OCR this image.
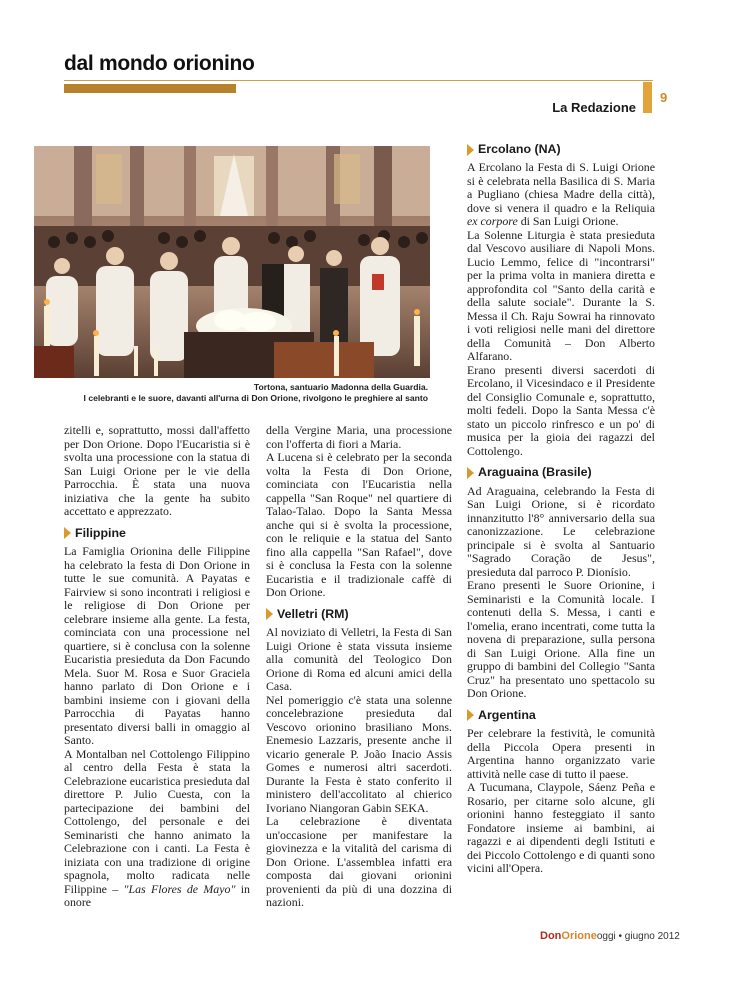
dal mondo orionino
9
La Redazione
Tortona, santuario Madonna della Guardia.
I celebranti e le suore, davanti all'urna di Don Orione, rivolgono le preghiere al santo

zitelli e, soprattutto, mossi dall'affetto per Don Orione. Dopo l'Eucaristia si è svolta una processione con la statua di San Luigi Orione per le vie della Parrocchia. È stata una nuova iniziativa che la gente ha subito accettato e apprezzato.

Filippine

La Famiglia Orionina delle Filippine ha celebrato la festa di Don Orione in tutte le sue comunità. A Payatas e Fairview si sono incontrati i religiosi e le religiose di Don Orione per celebrare insieme alla gente. La festa, cominciata con una processione nel quartiere, si è conclusa con la solenne Eucaristia presieduta da Don Facundo Mela. Suor M. Rosa e Suor Graciela hanno parlato di Don Orione e i bambini insieme con i giovani della Parrocchia di Payatas hanno presentato diversi balli in omaggio al Santo.

A Montalban nel Cottolengo Filippino al centro della Festa è stata la Celebrazione eucaristica presieduta dal direttore P. Julio Cuesta, con la partecipazione dei bambini del Cottolengo, del personale e dei Seminaristi che hanno animato la Celebrazione con i canti. La Festa è iniziata con una tradizione di origine spagnola, molto radicata nelle Filippine – "Las Flores de Mayo" in onore

della Vergine Maria, una processione con l'offerta di fiori a Maria.

A Lucena si è celebrato per la seconda volta la Festa di Don Orione, cominciata con l'Eucaristia nella cappella "San Roque" nel quartiere di Talao-Talao. Dopo la Santa Messa anche qui si è svolta la processione, con le reliquie e la statua del Santo fino alla cappella "San Rafael", dove si è conclusa la Festa con la solenne Eucaristia e il tradizionale caffè di Don Orione.

Velletri (RM)

Al noviziato di Velletri, la Festa di San Luigi Orione è stata vissuta insieme alla comunità del Teologico Don Orione di Roma ed alcuni amici della Casa.

Nel pomeriggio c'è stata una solenne concelebrazione presieduta dal Vescovo orionino brasiliano Mons. Enemesio Lazzaris, presente anche il vicario generale P. João Inacio Assis Gomes e numerosi altri sacerdoti. Durante la Festa è stato conferito il ministero dell'accolitato al chierico Ivoriano Niangoran Gabin SEKA.

La celebrazione è diventata un'occasione per manifestare la giovinezza e la vitalità del carisma di Don Orione. L'assemblea infatti era composta dai giovani orionini provenienti da più di una dozzina di nazioni.

Ercolano (NA)

A Ercolano la Festa di S. Luigi Orione si è celebrata nella Basilica di S. Maria a Pugliano (chiesa Madre della città), dove si venera il quadro e la Reliquia ex corpore di San Luigi Orione.

La Solenne Liturgia è stata presieduta dal Vescovo ausiliare di Napoli Mons. Lucio Lemmo, felice di "incontrarsi" per la prima volta in maniera diretta e approfondita col "Santo della carità e della salute sociale". Durante la S. Messa il Ch. Raju Sowrai ha rinnovato i voti religiosi nelle mani del direttore della Comunità – Don Alberto Alfarano.

Erano presenti diversi sacerdoti di Ercolano, il Vicesindaco e il Presidente del Consiglio Comunale e, soprattutto, molti fedeli. Dopo la Santa Messa c'è stato un piccolo rinfresco e un po' di musica per la gioia dei ragazzi del Cottolengo.

Araguaina (Brasile)

Ad Araguaina, celebrando la Festa di San Luigi Orione, si è ricordato innanzitutto l'8° anniversario della sua canonizzazione. Le celebrazione principale si è svolta al Santuario "Sagrado Coração de Jesus", presieduta dal parroco P. Dionísio.

Erano presenti le Suore Orionine, i Seminaristi e la Comunità locale. I contenuti della S. Messa, i canti e l'omelia, erano incentrati, come tutta la novena di preparazione, sulla persona di San Luigi Orione. Alla fine un gruppo di bambini del Collegio "Santa Cruz" ha presentato uno spettacolo su Don Orione.

Argentina

Per celebrare la festività, le comunità della Piccola Opera presenti in Argentina hanno organizzato varie attività nelle case di tutto il paese.

A Tucumana, Claypole, Sáenz Peña e Rosario, per citarne solo alcune, gli orionini hanno festeggiato il santo Fondatore insieme ai bambini, ai ragazzi e ai dipendenti degli Istituti e dei Piccolo Cottolengo e di quanti sono vicini all'Opera.

DonOrioneoggi • giugno 2012
